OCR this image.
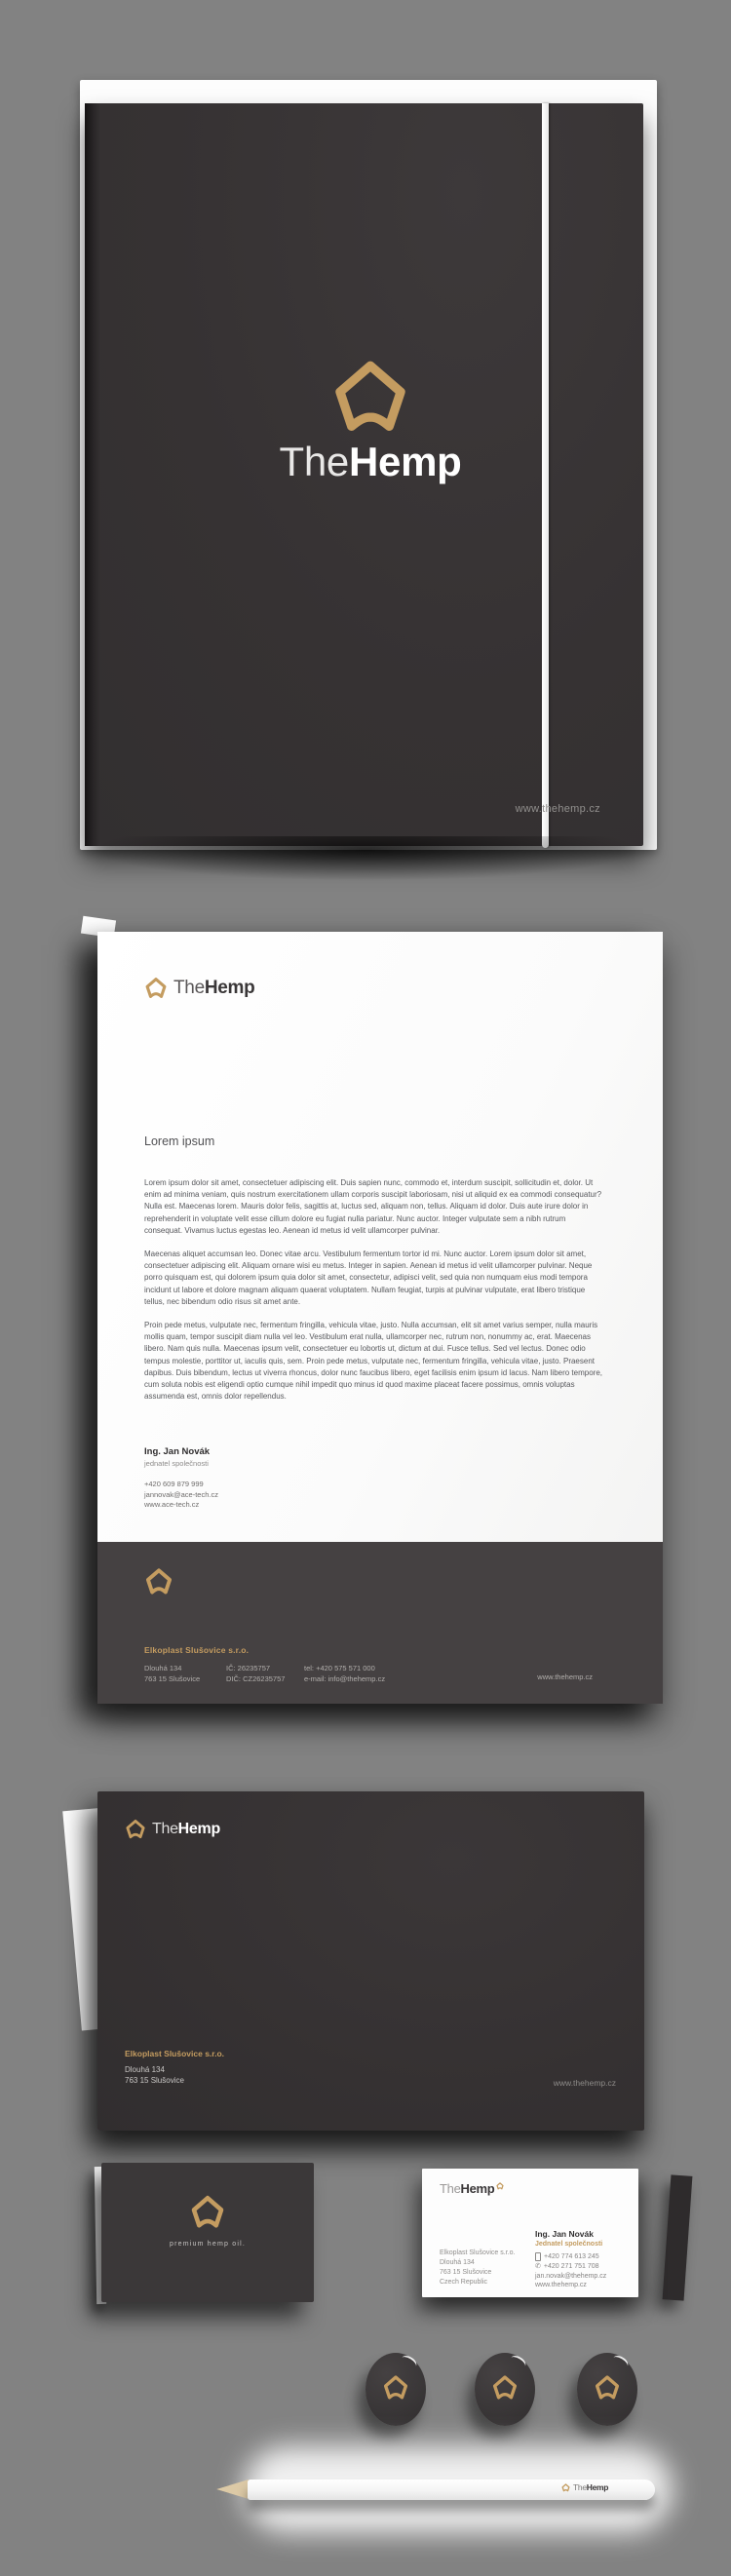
TheHemp
www.thehemp.cz
TheHemp
Lorem ipsum

Lorem ipsum dolor sit amet, consectetuer adipiscing elit. Duis sapien nunc, commodo et, interdum suscipit, sollicitudin et, dolor. Ut enim ad minima veniam, quis nostrum exercitationem ullam corporis suscipit laboriosam, nisi ut aliquid ex ea commodi consequatur? Nulla est. Maecenas lorem. Mauris dolor felis, sagittis at, luctus sed, aliquam non, tellus. Aliquam id dolor. Duis aute irure dolor in reprehenderit in voluptate velit esse cillum dolore eu fugiat nulla pariatur. Nunc auctor. Integer vulputate sem a nibh rutrum consequat. Vivamus luctus egestas leo. Aenean id metus id velit ullamcorper pulvinar.

Maecenas aliquet accumsan leo. Donec vitae arcu. Vestibulum fermentum tortor id mi. Nunc auctor. Lorem ipsum dolor sit amet, consectetuer adipiscing elit. Aliquam ornare wisi eu metus. Integer in sapien. Aenean id metus id velit ullamcorper pulvinar. Neque porro quisquam est, qui dolorem ipsum quia dolor sit amet, consectetur, adipisci velit, sed quia non numquam eius modi tempora incidunt ut labore et dolore magnam aliquam quaerat voluptatem. Nullam feugiat, turpis at pulvinar vulputate, erat libero tristique tellus, nec bibendum odio risus sit amet ante.

Proin pede metus, vulputate nec, fermentum fringilla, vehicula vitae, justo. Nulla accumsan, elit sit amet varius semper, nulla mauris mollis quam, tempor suscipit diam nulla vel leo. Vestibulum erat nulla, ullamcorper nec, rutrum non, nonummy ac, erat. Maecenas libero. Nam quis nulla. Maecenas ipsum velit, consectetuer eu lobortis ut, dictum at dui. Fusce tellus. Sed vel lectus. Donec odio tempus molestie, porttitor ut, iaculis quis, sem. Proin pede metus, vulputate nec, fermentum fringilla, vehicula vitae, justo. Praesent dapibus. Duis bibendum, lectus ut viverra rhoncus, dolor nunc faucibus libero, eget facilisis enim ipsum id lacus. Nam libero tempore, cum soluta nobis est eligendi optio cumque nihil impedit quo minus id quod maxime placeat facere possimus, omnis voluptas assumenda est, omnis dolor repellendus.

Ing. Jan Novák
jednatel společnosti
+420 609 879 999
jannovak@ace-tech.cz
www.ace-tech.cz
Elkoplast Slušovice s.r.o.
Dlouhá 134
763 15 Slušovice
IČ: 26235757
DIČ: CZ26235757
tel: +420 575 571 000
e-mail: info@thehemp.cz	www.thehemp.cz
TheHemp
Elkoplast Slušovice s.r.o.
Dlouhá 134
763 15 Slušovice	www.thehemp.cz
premium hemp oil.
TheHemp
Elkoplast Slušovice s.r.o.
Dlouhá 134
763 15 Slušovice
Czech Republic
Ing. Jan Novák
Jednatel společnosti
+420 774 613 245
✆ +420 271 751 708
jan.novak@thehemp.cz
www.thehemp.cz
TheHemp
